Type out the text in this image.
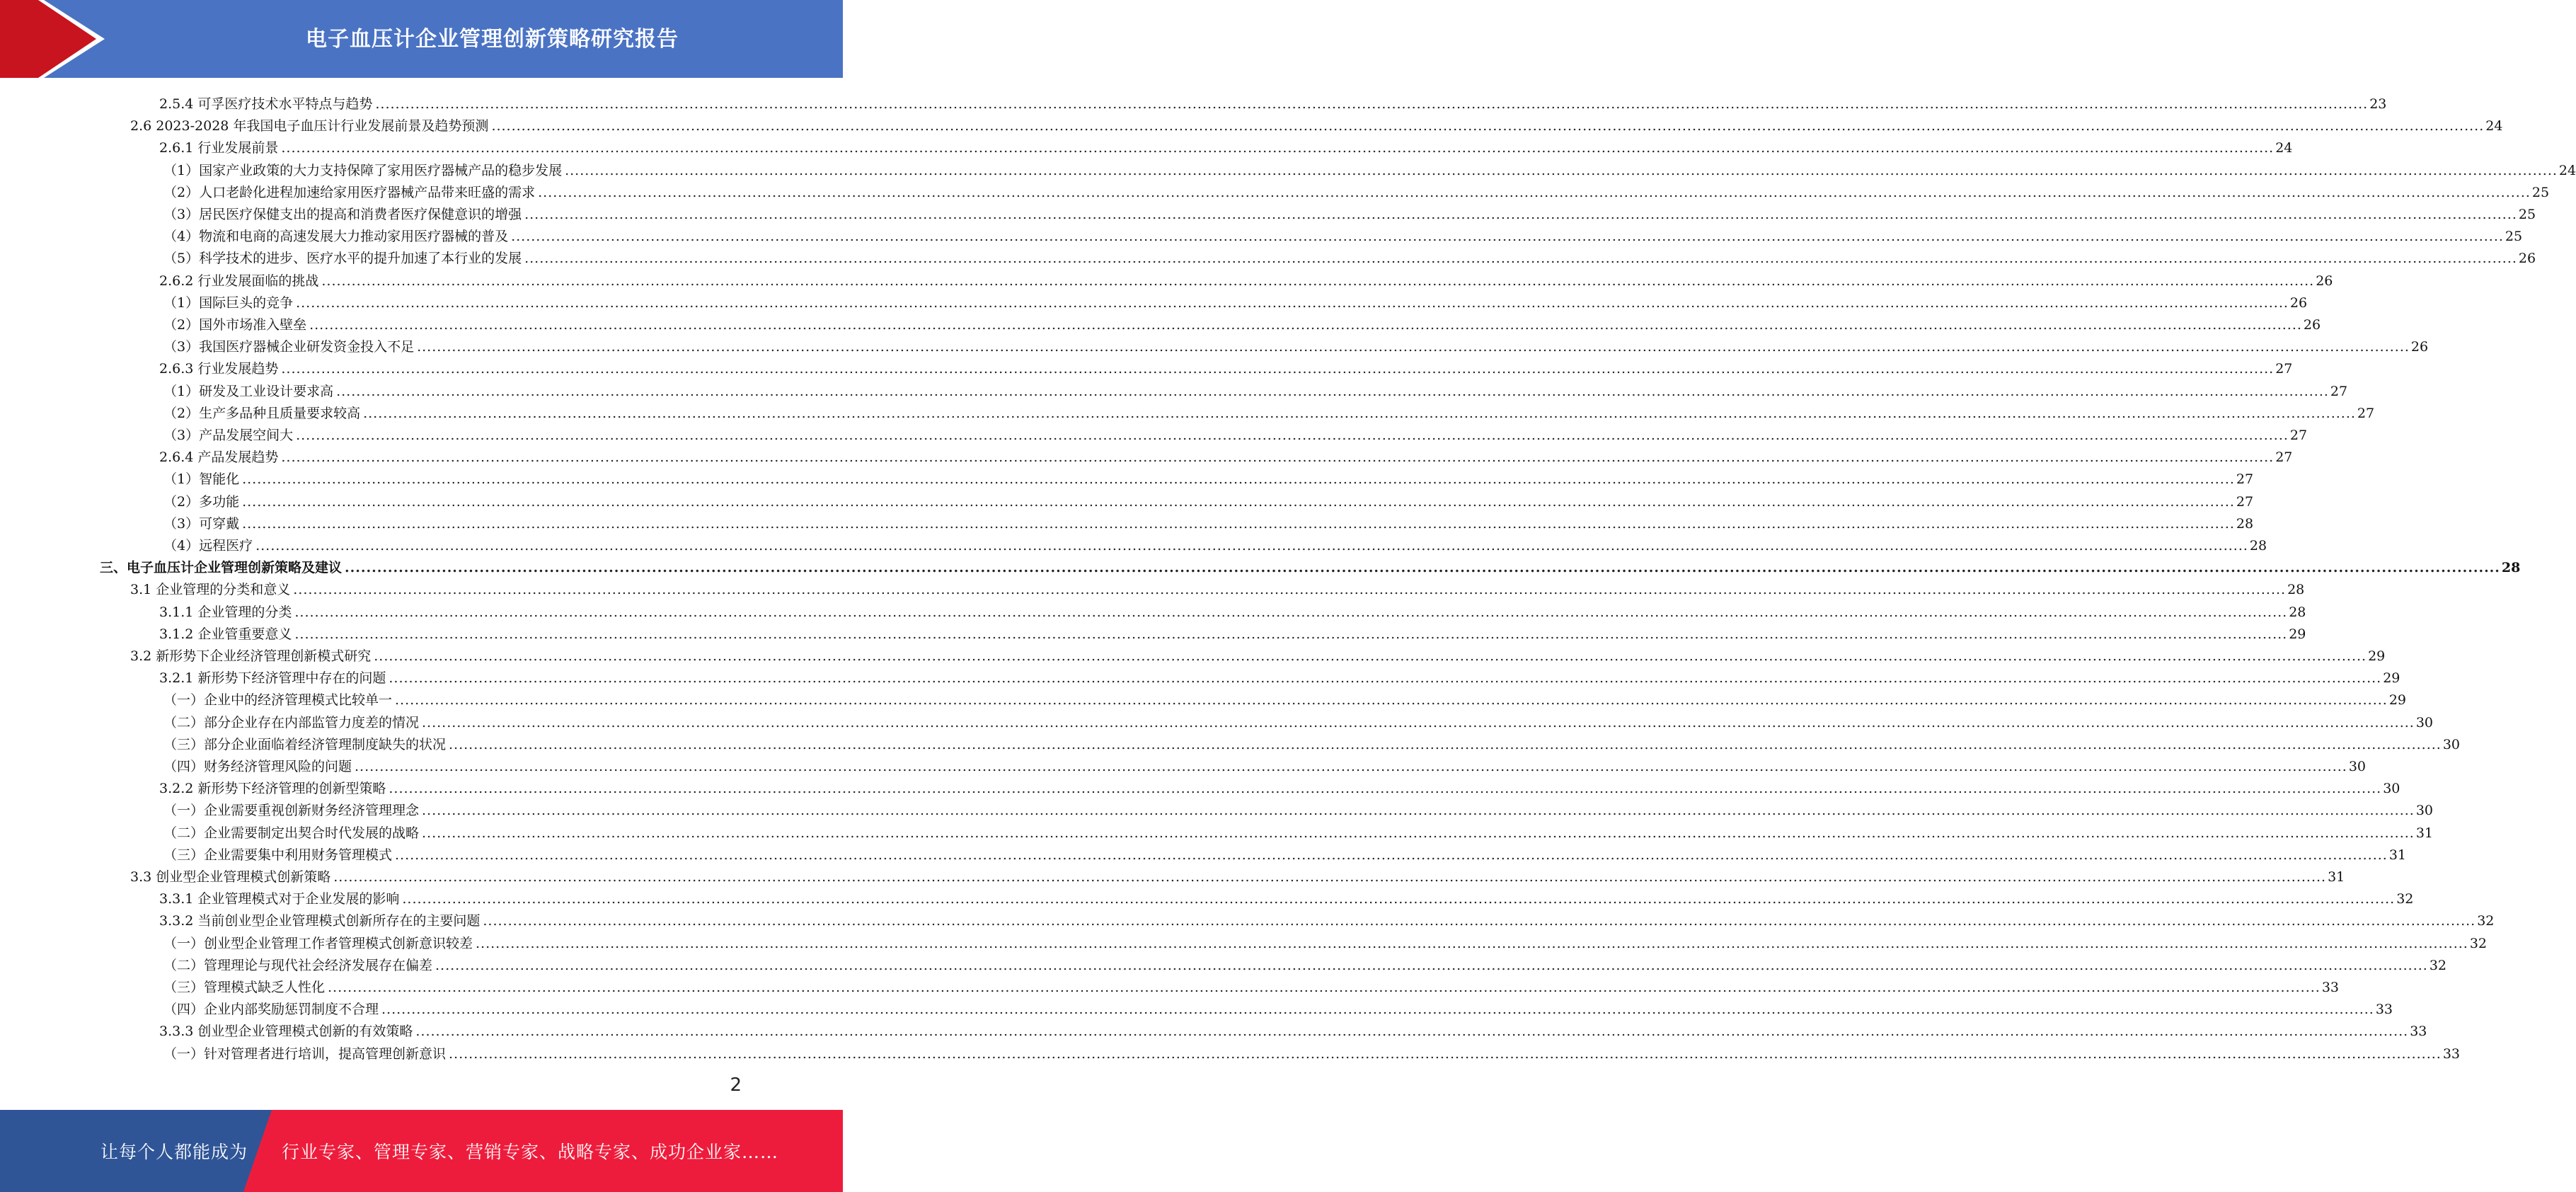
电子血压计企业管理创新策略研究报告
2.5.4 可孚医疗技术水平特点与趋势 ................................................................................................................................................................................................................................................................................................................................................................................................................ 23
2.6 2023-2028 年我国电子血压计行业发展前景及趋势预测 ................................................................................................................................................................................................................................................................................................................................................................................................................ 24
2.6.1 行业发展前景 ................................................................................................................................................................................................................................................................................................................................................................................................................ 24
（1）国家产业政策的大力支持保障了家用医疗器械产品的稳步发展 ................................................................................................................................................................................................................................................................................................................................................................................................................ 24
（2）人口老龄化进程加速给家用医疗器械产品带来旺盛的需求 ................................................................................................................................................................................................................................................................................................................................................................................................................ 25
（3）居民医疗保健支出的提高和消费者医疗保健意识的增强 ................................................................................................................................................................................................................................................................................................................................................................................................................ 25
（4）物流和电商的高速发展大力推动家用医疗器械的普及 ................................................................................................................................................................................................................................................................................................................................................................................................................ 25
（5）科学技术的进步、医疗水平的提升加速了本行业的发展 ................................................................................................................................................................................................................................................................................................................................................................................................................ 26
2.6.2 行业发展面临的挑战 ................................................................................................................................................................................................................................................................................................................................................................................................................ 26
（1）国际巨头的竞争 ................................................................................................................................................................................................................................................................................................................................................................................................................ 26
（2）国外市场准入壁垒 ................................................................................................................................................................................................................................................................................................................................................................................................................ 26
（3）我国医疗器械企业研发资金投入不足 ................................................................................................................................................................................................................................................................................................................................................................................................................ 26
2.6.3 行业发展趋势 ................................................................................................................................................................................................................................................................................................................................................................................................................ 27
（1）研发及工业设计要求高 ................................................................................................................................................................................................................................................................................................................................................................................................................ 27
（2）生产多品种且质量要求较高 ................................................................................................................................................................................................................................................................................................................................................................................................................ 27
（3）产品发展空间大 ................................................................................................................................................................................................................................................................................................................................................................................................................ 27
2.6.4 产品发展趋势 ................................................................................................................................................................................................................................................................................................................................................................................................................ 27
（1）智能化 ................................................................................................................................................................................................................................................................................................................................................................................................................ 27
（2）多功能 ................................................................................................................................................................................................................................................................................................................................................................................................................ 27
（3）可穿戴 ................................................................................................................................................................................................................................................................................................................................................................................................................ 28
（4）远程医疗 ................................................................................................................................................................................................................................................................................................................................................................................................................ 28
三、电子血压计企业管理创新策略及建议 ................................................................................................................................................................................................................................................................................................................................................................................................................ 28
3.1 企业管理的分类和意义 ................................................................................................................................................................................................................................................................................................................................................................................................................ 28
3.1.1 企业管理的分类 ................................................................................................................................................................................................................................................................................................................................................................................................................ 28
3.1.2 企业管重要意义 ................................................................................................................................................................................................................................................................................................................................................................................................................ 29
3.2 新形势下企业经济管理创新模式研究 ................................................................................................................................................................................................................................................................................................................................................................................................................ 29
3.2.1 新形势下经济管理中存在的问题 ................................................................................................................................................................................................................................................................................................................................................................................................................ 29
（一）企业中的经济管理模式比较单一 ................................................................................................................................................................................................................................................................................................................................................................................................................ 29
（二）部分企业存在内部监管力度差的情况 ................................................................................................................................................................................................................................................................................................................................................................................................................ 30
（三）部分企业面临着经济管理制度缺失的状况 ................................................................................................................................................................................................................................................................................................................................................................................................................ 30
（四）财务经济管理风险的问题 ................................................................................................................................................................................................................................................................................................................................................................................................................ 30
3.2.2 新形势下经济管理的创新型策略 ................................................................................................................................................................................................................................................................................................................................................................................................................ 30
（一）企业需要重视创新财务经济管理理念 ................................................................................................................................................................................................................................................................................................................................................................................................................ 30
（二）企业需要制定出契合时代发展的战略 ................................................................................................................................................................................................................................................................................................................................................................................................................ 31
（三）企业需要集中利用财务管理模式 ................................................................................................................................................................................................................................................................................................................................................................................................................ 31
3.3 创业型企业管理模式创新策略 ................................................................................................................................................................................................................................................................................................................................................................................................................ 31
3.3.1 企业管理模式对于企业发展的影响 ................................................................................................................................................................................................................................................................................................................................................................................................................ 32
3.3.2 当前创业型企业管理模式创新所存在的主要问题 ................................................................................................................................................................................................................................................................................................................................................................................................................ 32
（一）创业型企业管理工作者管理模式创新意识较差 ................................................................................................................................................................................................................................................................................................................................................................................................................ 32
（二）管理理论与现代社会经济发展存在偏差 ................................................................................................................................................................................................................................................................................................................................................................................................................ 32
（三）管理模式缺乏人性化 ................................................................................................................................................................................................................................................................................................................................................................................................................ 33
（四）企业内部奖励惩罚制度不合理 ................................................................................................................................................................................................................................................................................................................................................................................................................ 33
3.3.3 创业型企业管理模式创新的有效策略 ................................................................................................................................................................................................................................................................................................................................................................................................................ 33
（一）针对管理者进行培训，提高管理创新意识 ................................................................................................................................................................................................................................................................................................................................................................................................................ 33
2
让每个人都能成为 行业专家、管理专家、营销专家、战略专家、成功企业家……
